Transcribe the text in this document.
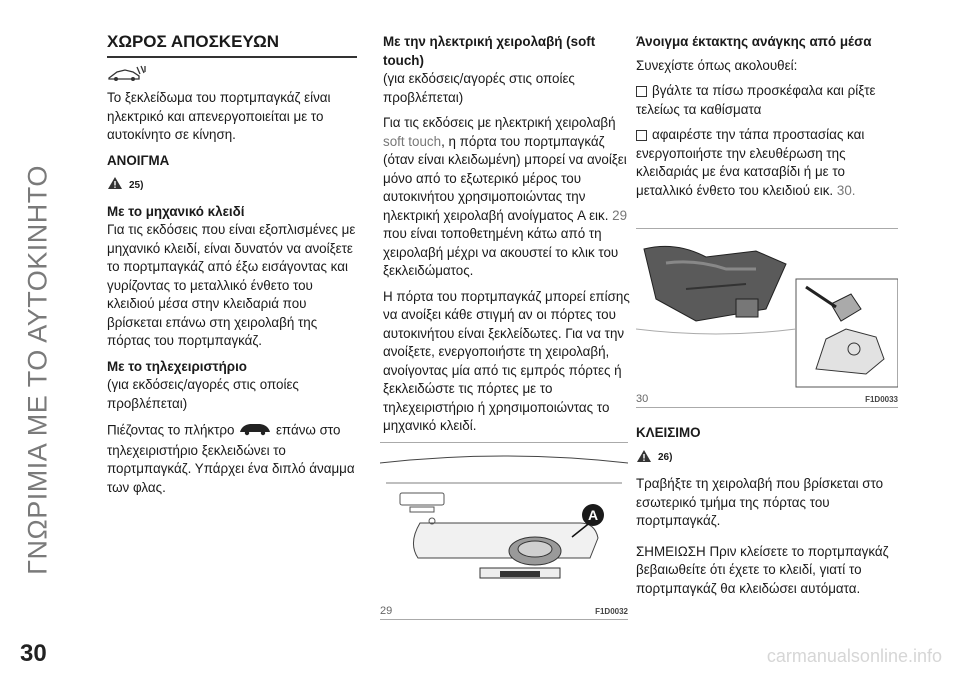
ΓΝΩΡΙΜΙΑ ΜΕ ΤΟ ΑΥΤΟΚΙΝΗΤΟ
30	carmanualsonline.info
ΧΩΡΟΣ ΑΠΟΣΚΕΥΩΝ

Το ξεκλείδωμα του πορτμπαγκάζ είναι ηλεκτρικό και απενεργοποιείται με το αυτοκίνητο σε κίνηση.

ΑΝΟΙΓΜΑ
25)
Με το μηχανικό κλειδί

Για τις εκδόσεις που είναι εξοπλισμένες με μηχανικό κλειδί, είναι δυνατόν να ανοίξετε το πορτμπαγκάζ από έξω εισάγοντας και γυρίζοντας το μεταλλικό ένθετο του κλειδιού μέσα στην κλειδαριά που βρίσκεται επάνω στη χειρολαβή της πόρτας του πορτμπαγκάζ.

Με το τηλεχειριστήριο
(για εκδόσεις/αγορές στις οποίες προβλέπεται)

Πιέζοντας το πλήκτρο	επάνω στο τηλεχειριστήριο ξεκλειδώνει το πορτμπαγκάζ. Υπάρχει ένα διπλό άναμμα των φλας.

Με την ηλεκτρική χειρολαβή (soft touch)
(για εκδόσεις/αγορές στις οποίες προβλέπεται)

Για τις εκδόσεις με ηλεκτρική χειρολαβή soft touch, η πόρτα του πορτμπαγκάζ (όταν είναι κλειδωμένη) μπορεί να ανοίξει μόνο από το εξωτερικό μέρος του αυτοκινήτου χρησιμοποιώντας την ηλεκτρική χειρολαβή ανοίγματος A εικ. 29 που είναι τοποθετημένη κάτω από τη χειρολαβή μέχρι να ακουστεί το κλικ του ξεκλειδώματος.

Η πόρτα του πορτμπαγκάζ μπορεί επίσης να ανοίξει κάθε στιγμή αν οι πόρτες του αυτοκινήτου είναι ξεκλείδωτες. Για να την ανοίξετε, ενεργοποιήστε τη χειρολαβή, ανοίγοντας μία από τις εμπρός πόρτες ή ξεκλειδώστε τις πόρτες με το τηλεχειριστήριο ή χρησιμοποιώντας το μηχανικό κλειδί.

A
29	F1D0032
Άνοιγμα έκτακτης ανάγκης από μέσα

Συνεχίστε όπως ακολουθεί:

βγάλτε τα πίσω προσκέφαλα και ρίξτε τελείως τα καθίσματα

αφαιρέστε την τάπα προστασίας και ενεργοποιήστε την ελευθέρωση της κλειδαριάς με ένα κατσαβίδι ή με το μεταλλικό ένθετο του κλειδιού εικ. 30.

30	F1D0033
ΚΛΕΙΣΙΜΟ
26)

Τραβήξτε τη χειρολαβή που βρίσκεται στο εσωτερικό τμήμα της πόρτας του πορτμπαγκάζ.

ΣΗΜΕΙΩΣΗ Πριν κλείσετε το πορτμπαγκάζ βεβαιωθείτε ότι έχετε το κλειδί, γιατί το πορτμπαγκάζ θα κλειδώσει αυτόματα.
